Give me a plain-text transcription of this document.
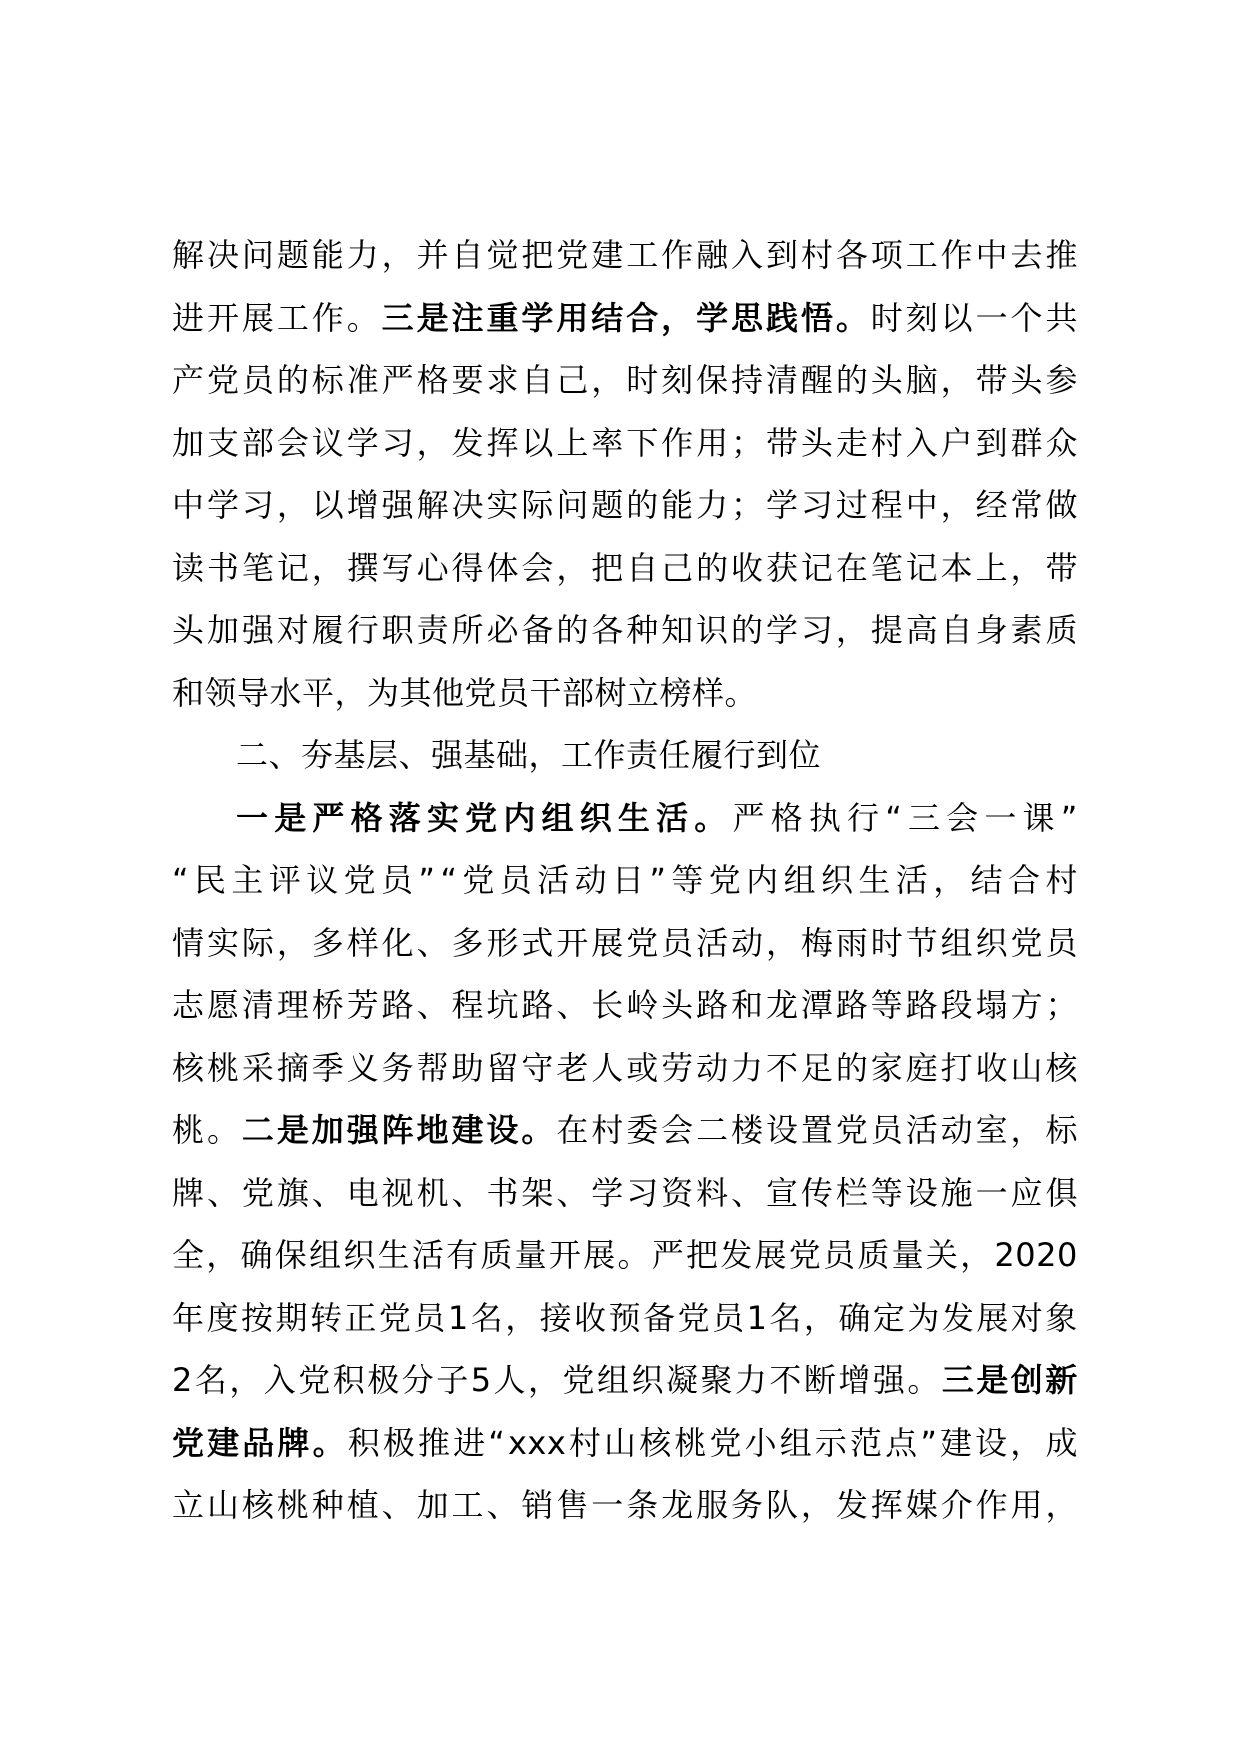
解 决 问 题 能 力 ， 并 自 觉 把 党 建 工 作 融 入 到 村 各 项 工 作 中 去 推
进 开 展 工 作 。 三 是 注 重 学 用 结 合 ， 学 思 践 悟 。 时 刻 以 一 个 共
产 党 员 的 标 准 严 格 要 求 自 己 ， 时 刻 保 持 清 醒 的 头 脑 ， 带 头 参
加 支 部 会 议 学 习 ， 发 挥 以 上 率 下 作 用 ； 带 头 走 村 入 户 到 群 众
中 学 习 ， 以 增 强 解 决 实 际 问 题 的 能 力 ； 学 习 过 程 中 ， 经 常 做
读 书 笔 记 ， 撰 写 心 得 体 会 ， 把 自 己 的 收 获 记 在 笔 记 本 上 ， 带
头 加 强 对 履 行 职 责 所 必 备 的 各 种 知 识 的 学 习 ， 提 高 自 身 素 质
和领导水平，为其他党员干部树立榜样。
二、夯基层、强基础，工作责任履行到位
一 是 严 格 落 实 党 内 组 织 生 活 。 严 格 执 行 “ 三 会 一 课 ”
“ 民 主 评 议 党 员 ” “ 党 员 活 动 日 ” 等 党 内 组 织 生 活 ， 结 合 村
情 实 际 ， 多 样 化 、 多 形 式 开 展 党 员 活 动 ， 梅 雨 时 节 组 织 党 员
志 愿 清 理 桥 芳 路 、 程 坑 路 、 长 岭 头 路 和 龙 潭 路 等 路 段 塌 方 ；
核 桃 采 摘 季 义 务 帮 助 留 守 老 人 或 劳 动 力 不 足 的 家 庭 打 收 山 核
桃 。 二 是 加 强 阵 地 建 设 。 在 村 委 会 二 楼 设 置 党 员 活 动 室 ， 标
牌 、 党 旗 、 电 视 机 、 书 架 、 学 习 资 料 、 宣 传 栏 等 设 施 一 应 俱
全 ， 确 保 组 织 生 活 有 质 量 开 展 。 严 把 发 展 党 员 质 量 关 ， 2020
年 度 按 期 转 正 党 员 1 名 ， 接 收 预 备 党 员 1 名 ， 确 定 为 发 展 对 象
2 名 ， 入 党 积 极 分 子 5 人 ， 党 组 织 凝 聚 力 不 断 增 强 。 三 是 创 新
党 建 品 牌 。 积 极 推 进 “ xxx 村 山 核 桃 党 小 组 示 范 点 ” 建 设 ， 成
立 山 核 桃 种 植 、 加 工 、 销 售 一 条 龙 服 务 队 ， 发 挥 媒 介 作 用 ，
